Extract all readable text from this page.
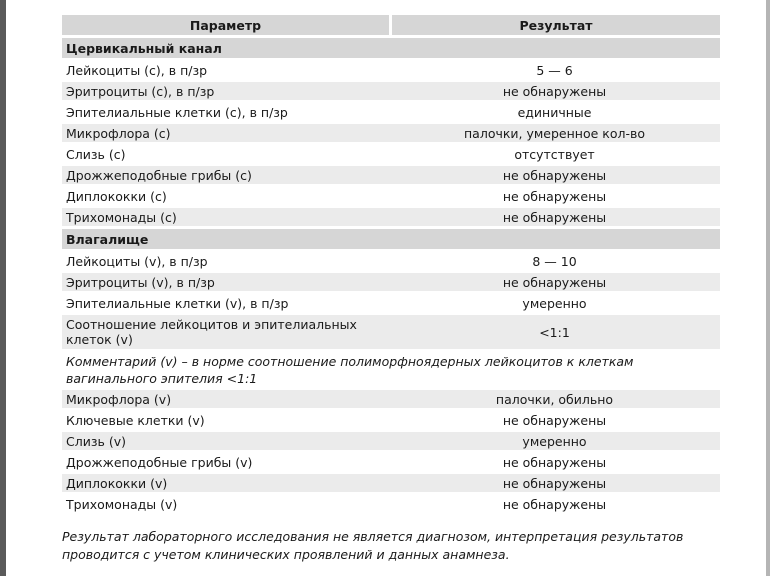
Параметр	Результат
Цервикальный канал	
Лейкоциты (c), в п/зр	5 — 6
Эритроциты (c), в п/зр	не обнаружены
Эпителиальные клетки (c), в п/зр	единичные
Микрофлора (c)	палочки, умеренное кол-во
Слизь (c)	отсутствует
Дрожжеподобные грибы (c)	не обнаружены
Диплококки (c)	не обнаружены
Трихомонады (c)	не обнаружены
Влагалище	
Лейкоциты (v), в п/зр	8 — 10
Эритроциты (v), в п/зр	не обнаружены
Эпителиальные клетки (v), в п/зр	умеренно
Соотношение лейкоцитов и эпителиальных клеток (v)	<1:1
Комментарий (v) – в норме соотношение полиморфноядерных лейкоцитов к клеткам вагинального эпителия <1:1	
Микрофлора (v)	палочки, обильно
Ключевые клетки (v)	не обнаружены
Слизь (v)	умеренно
Дрожжеподобные грибы (v)	не обнаружены
Диплококки (v)	не обнаружены
Трихомонады (v)	не обнаружены
Результат лабораторного исследования не является диагнозом, интерпретация результатов проводится с учетом клинических проявлений и данных анамнеза.
